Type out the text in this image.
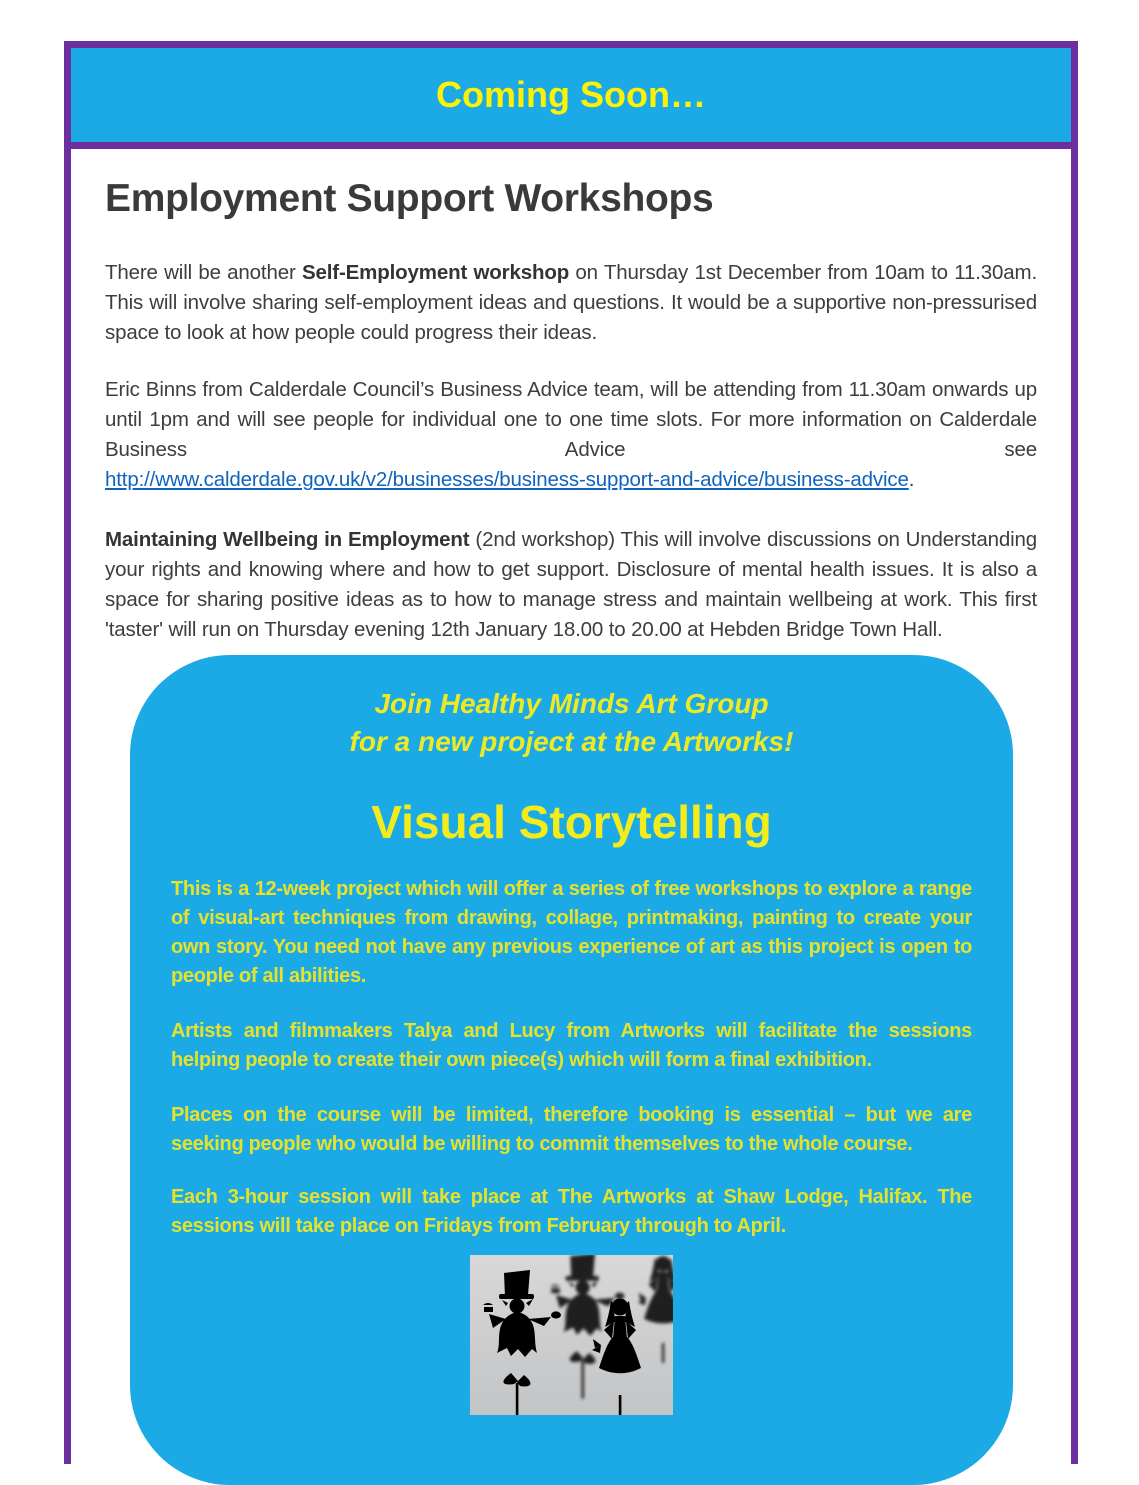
Coming Soon…
Employment Support Workshops

There will be another Self-Employment workshop on Thursday 1st December from 10am to 11.30am. This will involve sharing self-employment ideas and questions. It would be a supportive non-pressurised space to look at how people could progress their ideas.

Eric Binns from Calderdale Council’s Business Advice team, will be attending from 11.30am onwards up until 1pm and will see people for individual one to one time slots. For more information on Calderdale Business Advice see http://www.calderdale.gov.uk/v2/businesses/business-support-and-advice/business-advice.

Maintaining Wellbeing in Employment (2nd workshop) This will involve discussions on Understanding your rights and knowing where and how to get support. Disclosure of mental health issues. It is also a space for sharing positive ideas as to how to manage stress and maintain wellbeing at work. This first 'taster' will run on Thursday evening 12th January 18.00 to 20.00 at Hebden Bridge Town Hall.

Join Healthy Minds Art Group
for a new project at the Artworks!

Visual Storytelling

This is a 12-week project which will offer a series of free workshops to explore a range of visual-art techniques from drawing, collage, printmaking, painting to create your own story. You need not have any previous experience of art as this project is open to people of all abilities.

Artists and filmmakers Talya and Lucy from Artworks will facilitate the sessions helping people to create their own piece(s) which will form a final exhibition.

Places on the course will be limited, therefore booking is essential – but we are seeking people who would be willing to commit themselves to the whole course.

Each 3-hour session will take place at The Artworks at Shaw Lodge, Halifax. The sessions will take place on Fridays from February through to April.
